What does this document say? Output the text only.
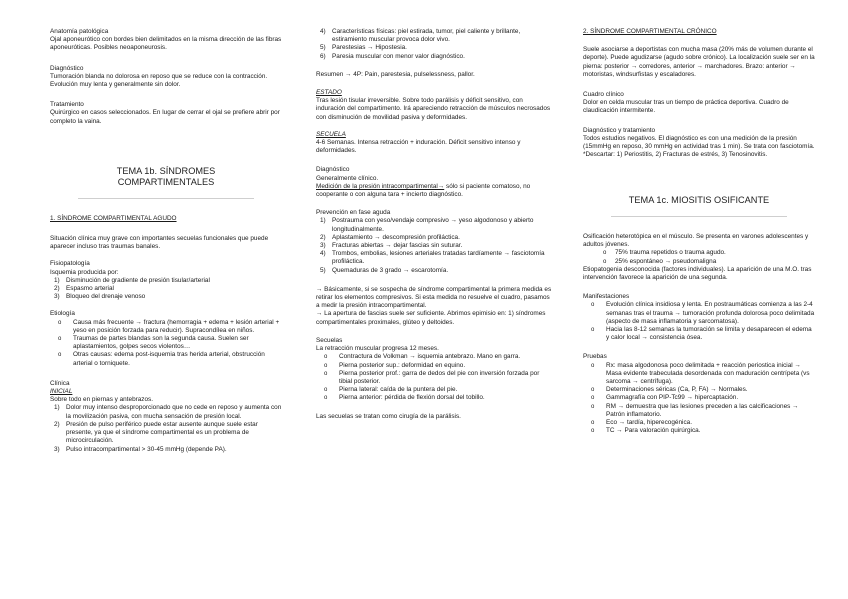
Anatomía patológica

Ojal aponeurótico con bordes bien delimitados en la misma dirección de las fibras aponeuróticas. Posibles neoaponeurosis.

Diagnóstico

Tumoración blanda no dolorosa en reposo que se reduce con la contracción. Evolución muy lenta y generalmente sin dolor.

Tratamiento

Quirúrgico en casos seleccionados. En lugar de cerrar el ojal se prefiere abrir por completo la vaina.

TEMA 1b. SÍNDROMES

COMPARTIMENTALES

1. SÍNDROME COMPARTIMENTAL AGUDO

Situación clínica muy grave con importantes secuelas funcionales que puede aparecer incluso tras traumas banales.

Fisiopatología

Isquemia producida por:

1) Disminución de gradiente de presión tisular/arterial
2) Espasmo arterial
3) Bloqueo del drenaje venoso

Etiología

o Causa más frecuente → fractura (hemorragia + edema + lesión arterial + yeso en posición forzada para reducir). Supracondílea en niños.
o Traumas de partes blandas son la segunda causa. Suelen ser aplastamientos, golpes secos violentos…
o Otras causas: edema post-isquemia tras herida arterial, obstrucción arterial o torniquete.

Clínica

INICIAL

Sobre todo en piernas y antebrazos.

1) Dolor muy intenso desproporcionado que no cede en reposo y aumenta con la movilización pasiva, con mucha sensación de presión local.
2) Presión de pulso periférico puede estar ausente aunque suele estar presente, ya que el síndrome compartimental es un problema de microcirculación.
3) Pulso intracompartimental > 30-45 mmHg (depende PA).
4) Características físicas: piel estirada, tumor, piel caliente y brillante, estiramiento muscular provoca dolor vivo.
5) Parestesias → Hipostesia.
6) Paresia muscular con menor valor diagnóstico.

Resumen → 4P: Pain, parestesia, pulselessness, pallor.

ESTADO

Tras lesión tisular irreversible. Sobre todo parálisis y déficit sensitivo, con induración del compartimento. Irá apareciendo retracción de músculos necrosados con disminución de movilidad pasiva y deformidades.

SECUELA

4-6 Semanas. Intensa retracción + induración. Déficit sensitivo intenso y deformidades.

Diagnóstico

Generalmente clínico.

Medición de la presión intracompartimental→ sólo si paciente comatoso, no cooperante o con alguna tara + incierto diagnóstico.

Prevención en fase aguda

1) Postrauma con yeso/vendaje compresivo → yeso algodonoso y abierto longitudinalmente.
2) Aplastamiento → descompresión profiláctica.
3) Fracturas abiertas → dejar fascias sin suturar.
4) Trombos, embolias, lesiones arteriales tratadas tardíamente → fasciotomía profiláctica.
5) Quemaduras de 3 grado → escarotomía.

→ Básicamente, si se sospecha de síndrome compartimental la primera medida es retirar los elementos compresivos. Si esta medida no resuelve el cuadro, pasamos a medir la presión intracompartimental.

→ La apertura de fascias suele ser suficiente. Abrimos epimisio en: 1) síndromes compartimentales proximales, glúteo y deltoides.

Secuelas

La retracción muscular progresa 12 meses.

o Contractura de Volkman → isquemia antebrazo. Mano en garra.
o Pierna posterior sup.: deformidad en equino.
o Pierna posterior prof.: garra de dedos del pie con inversión forzada por tibial posterior.
o Pierna lateral: caída de la puntera del pie.
o Pierna anterior: pérdida de flexión dorsal del tobillo.

Las secuelas se tratan como cirugía de la parálisis.

2. SÍNDROME COMPARTIMENTAL CRÓNICO

Suele asociarse a deportistas con mucha masa (20% más de volumen durante el deporte). Puede agudizarse (agudo sobre crónico). La localización suele ser en la pierna: posterior → corredores, anterior → marchadores. Brazo: anterior → motoristas, windsurfistas y escaladores.

Cuadro clínico

Dolor en celda muscular tras un tiempo de práctica deportiva. Cuadro de claudicación intermitente.

Diagnóstico y tratamiento

Todos estudios negativos. El diagnóstico es con una medición de la presión (15mmHg en reposo, 30 mmHg en actividad tras 1 min). Se trata con fasciotomía.

*Descartar: 1) Periostitis, 2) Fracturas de estrés, 3) Tenosinovitis.

TEMA 1c. MIOSITIS OSIFICANTE

Osificación heterotópica en el músculo. Se presenta en varones adolescentes y adultos jóvenes.

o 75% trauma repetidos o trauma agudo.
o 25% espontáneo → pseudomaligna

Etiopatogenia desconocida (factores individuales). La aparición de una M.O. tras intervención favorece la aparición de una segunda.

Manifestaciones

o Evolución clínica insidiosa y lenta. En postraumáticas comienza a las 2-4 semanas tras el trauma → tumoración profunda dolorosa poco delimitada (aspecto de masa inflamatoria y sarcomatosa).
o Hacia las 8-12 semanas la tumoración se limita y desaparecen el edema y calor local → consistencia ósea.

Pruebas

o Rx: masa algodonosa poco delimitada + reacción periostica inicial → Masa evidente trabeculada desordenada con maduración centrípeta (vs sarcoma → centrífuga).
o Determinaciones séricas (Ca, P, FA) → Normales.
o Gammagrafía con PIP-Tc99 → hipercaptación.
o RM → demuestra que las lesiones preceden a las calcificaciones → Patrón inflamatorio.
o Eco → tardía, hiperecogénica.
o TC → Para valoración quirúrgica.
